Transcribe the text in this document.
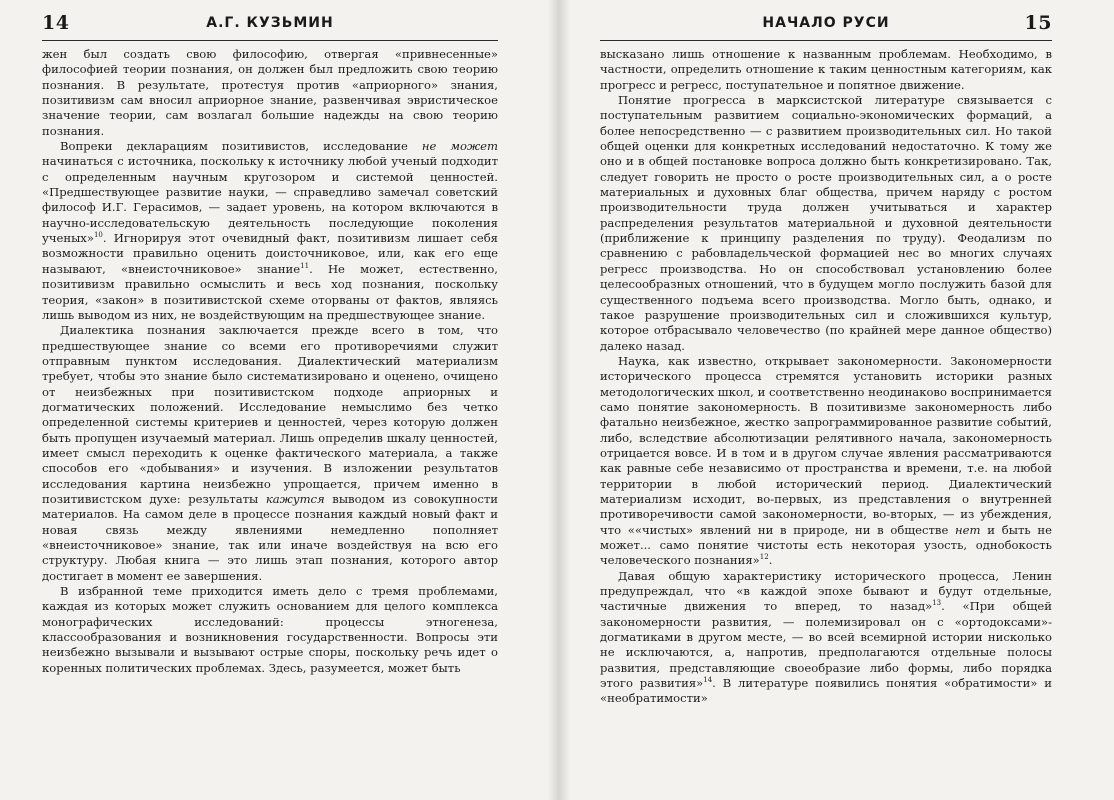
14	А.Г. КУЗЬМИН

жен был создать свою философию, отвергая «привнесенные» философией теории познания, он должен был предложить свою теорию познания. В результате, протестуя против «априорного» знания, позитивизм сам вносил априорное знание, развенчивая эвристическое значение теории, сам возлагал большие надежды на свою теорию познания.

Вопреки декларациям позитивистов, исследование не может начинаться с источника, поскольку к источнику любой ученый подходит с определенным научным кругозором и системой ценностей. «Предшествующее развитие науки, — справедливо замечал советский философ И.Г. Герасимов, — задает уровень, на котором включаются в научно-исследовательскую деятельность последующие поколения ученых»$^{10}$. Игнорируя этот очевидный факт, позитивизм лишает себя возможности правильно оценить доисточниковое, или, как его еще называют, «внеисточниковое» знание$^{11}$. Не может, естественно, позитивизм правильно осмыслить и весь ход познания, поскольку теория, «закон» в позитивистской схеме оторваны от фактов, являясь лишь выводом из них, не воздействующим на предшествующее знание.

Диалектика познания заключается прежде всего в том, что предшествующее знание со всеми его противоречиями служит отправным пунктом исследования. Диалектический материализм требует, чтобы это знание было систематизировано и оценено, очищено от неизбежных при позитивистском подходе априорных и догматических положений. Исследование немыслимо без четко определенной системы критериев и ценностей, через которую должен быть пропущен изучаемый материал. Лишь определив шкалу ценностей, имеет смысл переходить к оценке фактического материала, а также способов его «добывания» и изучения. В изложении результатов исследования картина неизбежно упрощается, причем именно в позитивистском духе: результаты кажутся выводом из совокупности материалов. На самом деле в процессе познания каждый новый факт и новая связь между явлениями немедленно пополняет «внеисточниковое» знание, так или иначе воздействуя на всю его структуру. Любая книга — это лишь этап познания, которого автор достигает в момент ее завершения.

В избранной теме приходится иметь дело с тремя проблемами, каждая из которых может служить основанием для целого комплекса монографических исследований: процессы этногенеза, классообразования и возникновения государственности. Вопросы эти неизбежно вызывали и вызывают острые споры, поскольку речь идет о коренных политических проблемах. Здесь, разумеется, может быть

НАЧАЛО РУСИ	15

высказано лишь отношение к названным проблемам. Необходимо, в частности, определить отношение к таким ценностным категориям, как прогресс и регресс, поступательное и попятное движение.

Понятие прогресса в марксистской литературе связывается с поступательным развитием социально-экономических формаций, а более непосредственно — с развитием производительных сил. Но такой общей оценки для конкретных исследований недостаточно. К тому же оно и в общей постановке вопроса должно быть конкретизировано. Так, следует говорить не просто о росте производительных сил, а о росте материальных и духовных благ общества, причем наряду с ростом производительности труда должен учитываться и характер распределения результатов материальной и духовной деятельности (приближение к принципу разделения по труду). Феодализм по сравнению с рабовладельческой формацией нес во многих случаях регресс производства. Но он способствовал установлению более целесообразных отношений, что в будущем могло послужить базой для существенного подъема всего производства. Могло быть, однако, и такое разрушение производительных сил и сложившихся культур, которое отбрасывало человечество (по крайней мере данное общество) далеко назад.

Наука, как известно, открывает закономерности. Закономерности исторического процесса стремятся установить историки разных методологических школ, и соответственно неодинаково воспринимается само понятие закономерность. В позитивизме закономерность либо фатально неизбежное, жестко запрограммированное развитие событий, либо, вследствие абсолютизации релятивного начала, закономерность отрицается вовсе. И в том и в другом случае явления рассматриваются как равные себе независимо от пространства и времени, т.е. на любой территории в любой исторический период. Диалектический материализм исходит, во-первых, из представления о внутренней противоречивости самой закономерности, во-вторых, — из убеждения, что ««чистых» явлений ни в природе, ни в обществе нет и быть не может... само понятие чистоты есть некоторая узость, однобокость человеческого познания»$^{12}$.

Давая общую характеристику исторического процесса, Ленин предупреждал, что «в каждой эпохе бывают и будут отдельные, частичные движения то вперед, то назад»$^{13}$. «При общей закономерности развития, — полемизировал он с «ортодоксами»-догматиками в другом месте, — во всей всемирной истории нисколько не исключаются, а, напротив, предполагаются отдельные полосы развития, представляющие своеобразие либо формы, либо порядка этого развития»$^{14}$. В литературе появились понятия «обратимости» и «необратимости»
